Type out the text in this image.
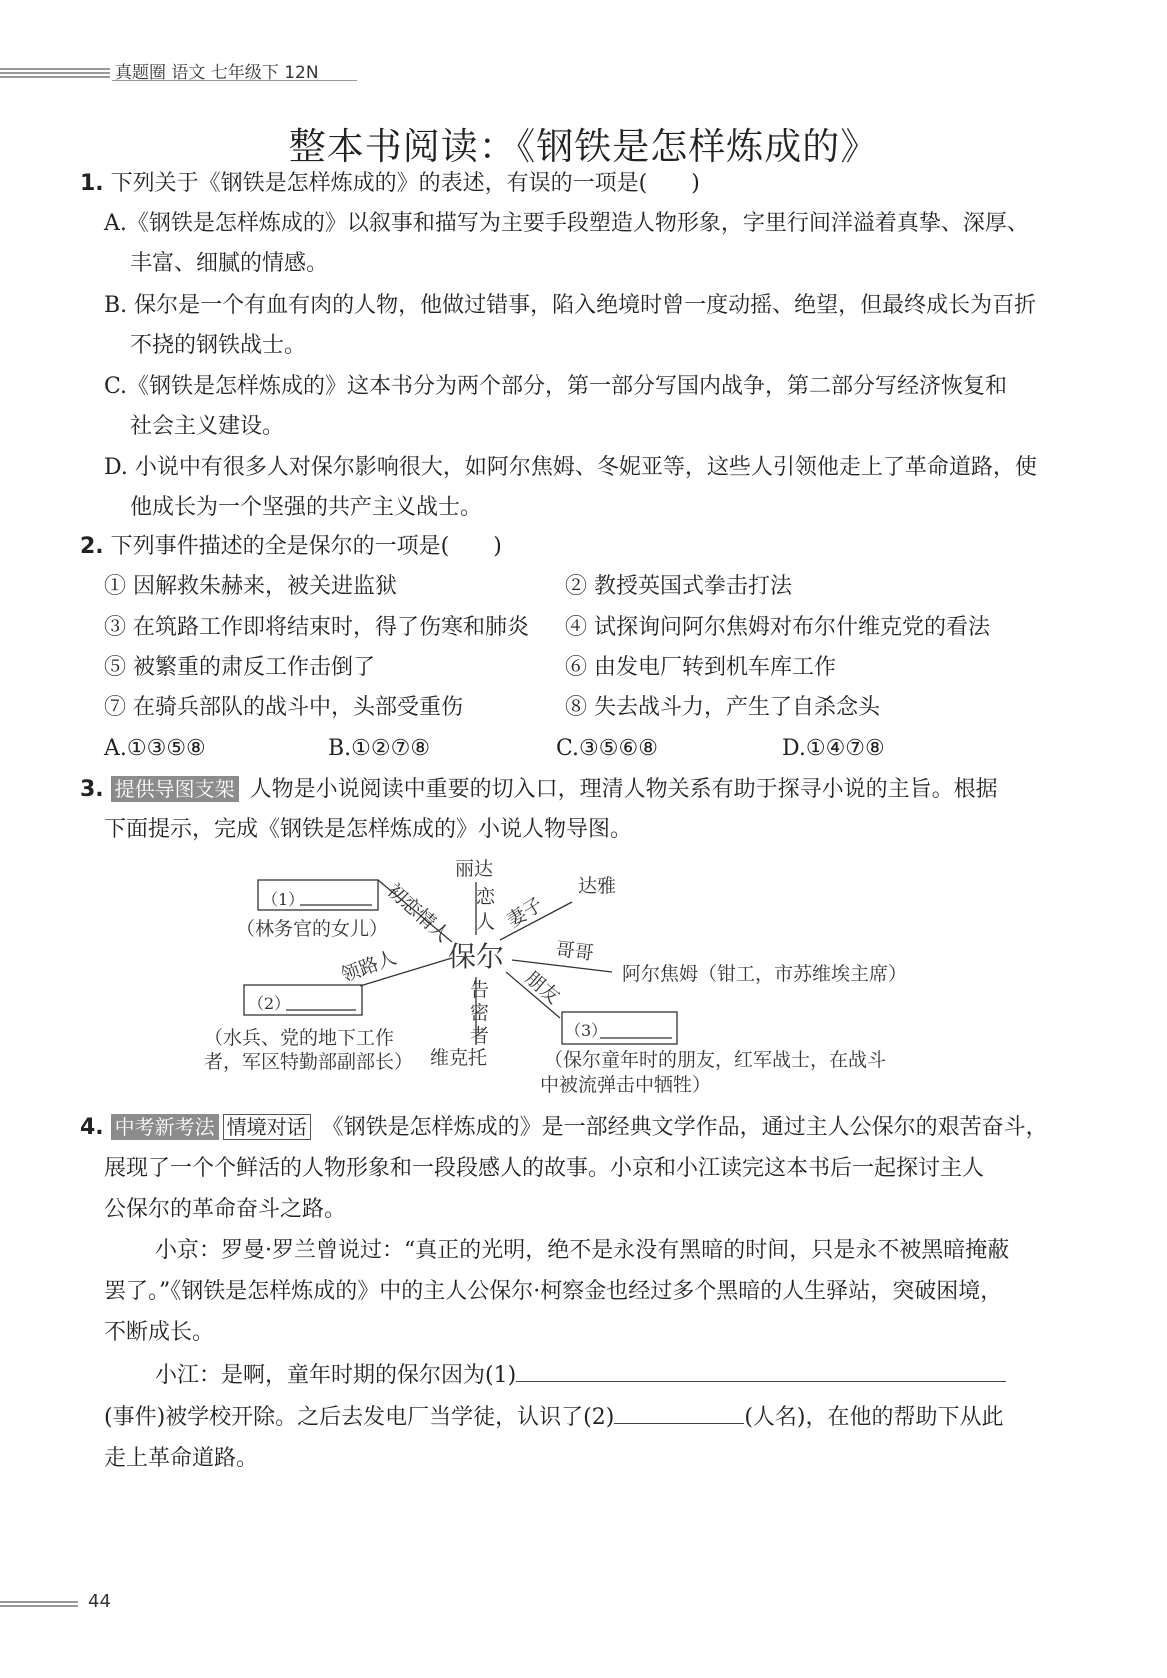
真题圈 语文 七年级下 12N
整本书阅读：《钢铁是怎样炼成的》
1. 下列关于《钢铁是怎样炼成的》的表述，有误的一项是(　　)
A.《钢铁是怎样炼成的》以叙事和描写为主要手段塑造人物形象，字里行间洋溢着真挚、深厚、
丰富、细腻的情感。
B. 保尔是一个有血有肉的人物，他做过错事，陷入绝境时曾一度动摇、绝望，但最终成长为百折
不挠的钢铁战士。
C.《钢铁是怎样炼成的》这本书分为两个部分，第一部分写国内战争，第二部分写经济恢复和
社会主义建设。
D. 小说中有很多人对保尔影响很大，如阿尔焦姆、冬妮亚等，这些人引领他走上了革命道路，使
他成长为一个坚强的共产主义战士。
2. 下列事件描述的全是保尔的一项是(　　)
① 因解救朱赫来，被关进监狱	② 教授英国式拳击打法
③ 在筑路工作即将结束时，得了伤寒和肺炎 ④ 试探询问阿尔焦姆对布尔什维克党的看法
⑤ 被繁重的肃反工作击倒了	⑥ 由发电厂转到机车库工作
⑦ 在骑兵部队的战斗中，头部受重伤	⑧ 失去战斗力，产生了自杀念头
A.①③⑤⑧	B.①②⑦⑧	C.③⑤⑥⑧	D.①④⑦⑧
3. 提供导图支架 人物是小说阅读中重要的切入口，理清人物关系有助于探寻小说的主旨。根据
下面提示，完成《钢铁是怎样炼成的》小说人物导图。
保尔
丽达
恋
人
达雅
妻子
哥哥
阿尔焦姆（钳工，市苏维埃主席）
朋友
（3）
（保尔童年时的朋友，红军战士，在战斗
中被流弹击中牺牲）
告
密
者
维克托
领路人
（2）
（水兵、党的地下工作
者，军区特勤部副部长）
初恋情人
（1）
（林务官的女儿）
4. 中考新考法 情境对话 《钢铁是怎样炼成的》是一部经典文学作品，通过主人公保尔的艰苦奋斗，
展现了一个个鲜活的人物形象和一段段感人的故事。小京和小江读完这本书后一起探讨主人
公保尔的革命奋斗之路。
小京：罗曼·罗兰曾说过：“真正的光明，绝不是永没有黑暗的时间，只是永不被黑暗掩蔽
罢了。”《钢铁是怎样炼成的》中的主人公保尔·柯察金也经过多个黑暗的人生驿站，突破困境，
不断成长。
小江：是啊，童年时期的保尔因为(1)
(事件)被学校开除。之后去发电厂当学徒，认识了(2)	(人名)，在他的帮助下从此
走上革命道路。
44
